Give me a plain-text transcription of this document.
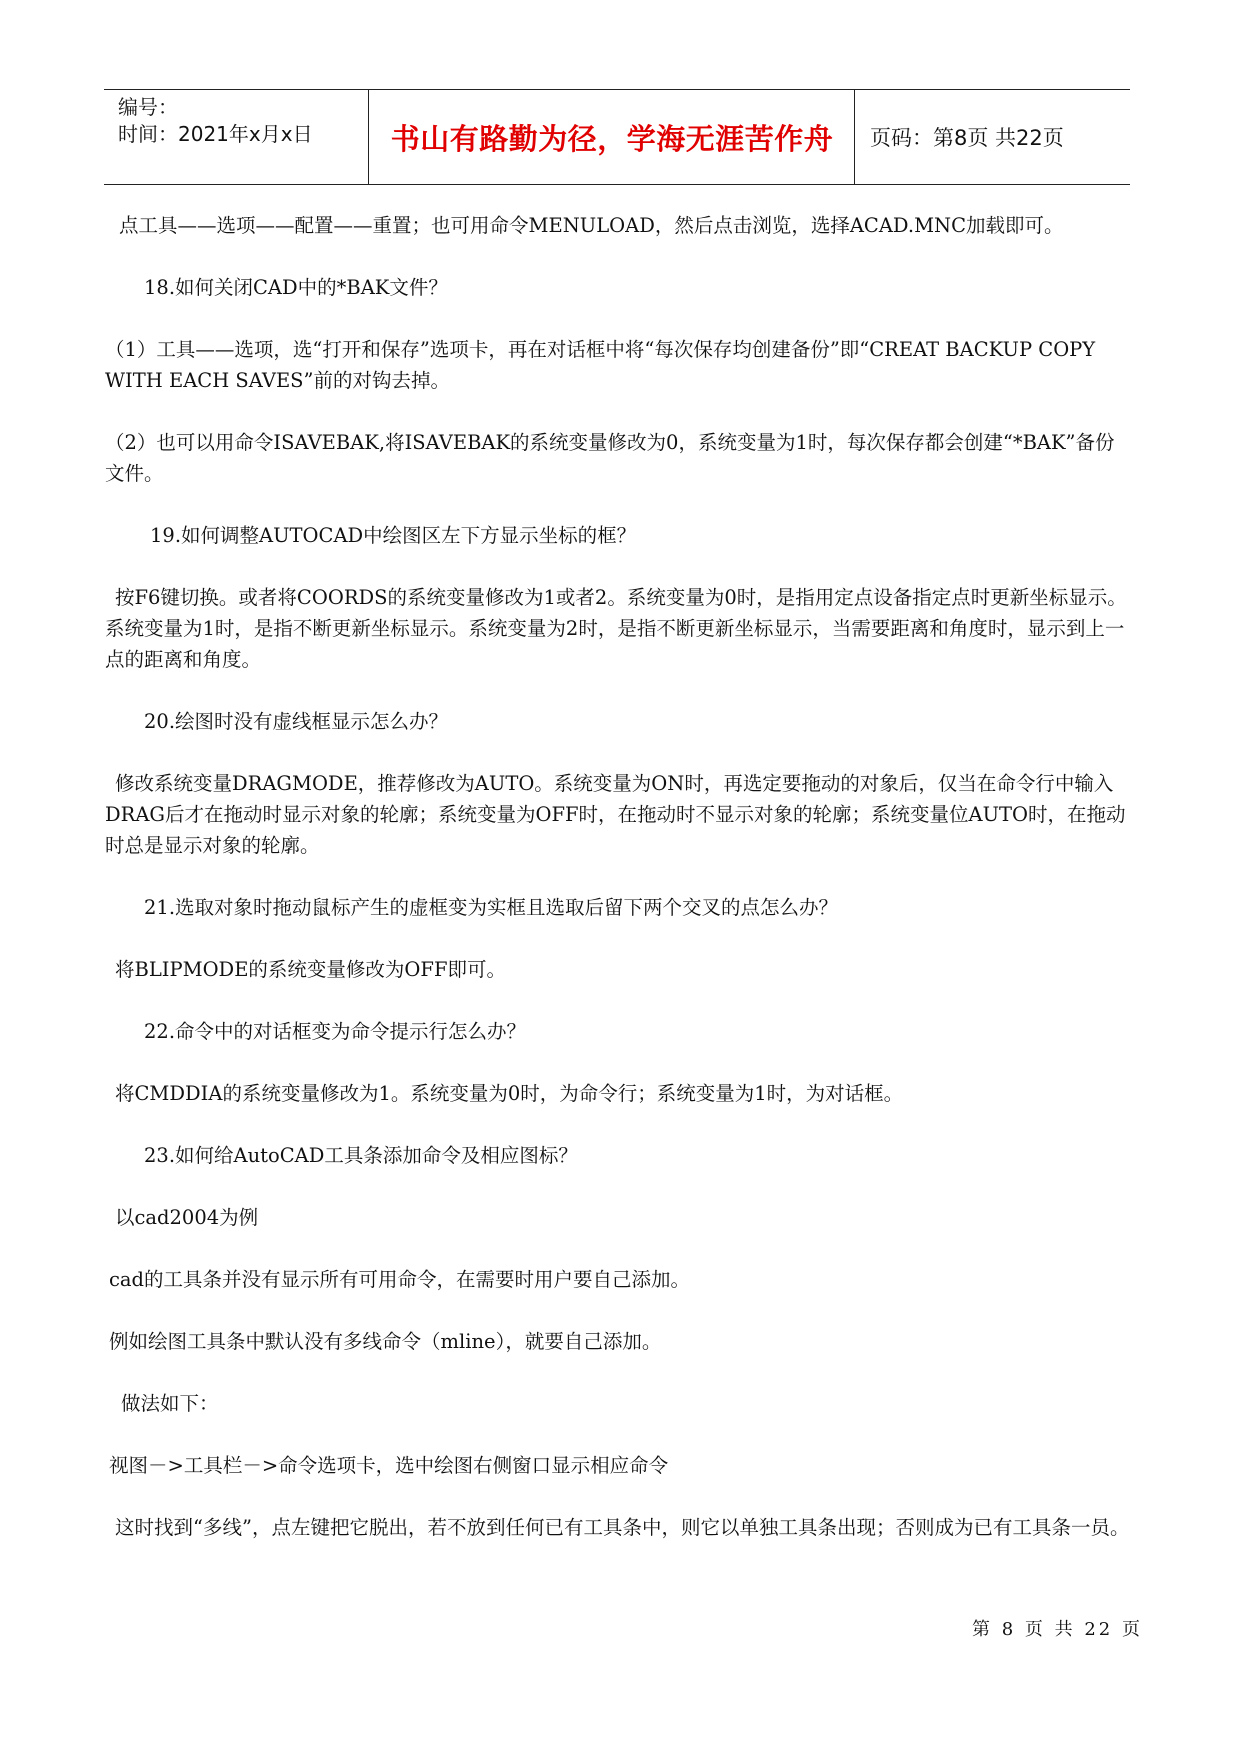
编号：
时间：2021年x月x日	书山有路勤为径，学海无涯苦作舟 页码：第8页 共22页

点工具——选项——配置——重置；也可用命令MENULOAD，然后点击浏览，选择ACAD.MNC加载即可。

18.如何关闭CAD中的*BAK文件？

（1）工具——选项，选“打开和保存”选项卡，再在对话框中将“每次保存均创建备份”即“CREAT BACKUP COPY WITH EACH SAVES”前的对钩去掉。

（2）也可以用命令ISAVEBAK,将ISAVEBAK的系统变量修改为0，系统变量为1时，每次保存都会创建“*BAK”备份文件。

19.如何调整AUTOCAD中绘图区左下方显示坐标的框？

按F6键切换。或者将COORDS的系统变量修改为1或者2。系统变量为0时，是指用定点设备指定点时更新坐标显示。系统变量为1时，是指不断更新坐标显示。系统变量为2时，是指不断更新坐标显示，当需要距离和角度时，显示到上一点的距离和角度。

20.绘图时没有虚线框显示怎么办？

修改系统变量DRAGMODE，推荐修改为AUTO。系统变量为ON时，再选定要拖动的对象后，仅当在命令行中输入DRAG后才在拖动时显示对象的轮廓；系统变量为OFF时，在拖动时不显示对象的轮廓；系统变量位AUTO时，在拖动时总是显示对象的轮廓。

21.选取对象时拖动鼠标产生的虚框变为实框且选取后留下两个交叉的点怎么办？

将BLIPMODE的系统变量修改为OFF即可。

22.命令中的对话框变为命令提示行怎么办？

将CMDDIA的系统变量修改为1。系统变量为0时，为命令行；系统变量为1时，为对话框。

23.如何给AutoCAD工具条添加命令及相应图标？

以cad2004为例

cad的工具条并没有显示所有可用命令，在需要时用户要自己添加。

例如绘图工具条中默认没有多线命令（mline），就要自己添加。

做法如下：

视图－>工具栏－>命令选项卡，选中绘图右侧窗口显示相应命令

这时找到“多线”，点左键把它脱出，若不放到任何已有工具条中，则它以单独工具条出现；否则成为已有工具条一员。

第 8 页 共 22 页
